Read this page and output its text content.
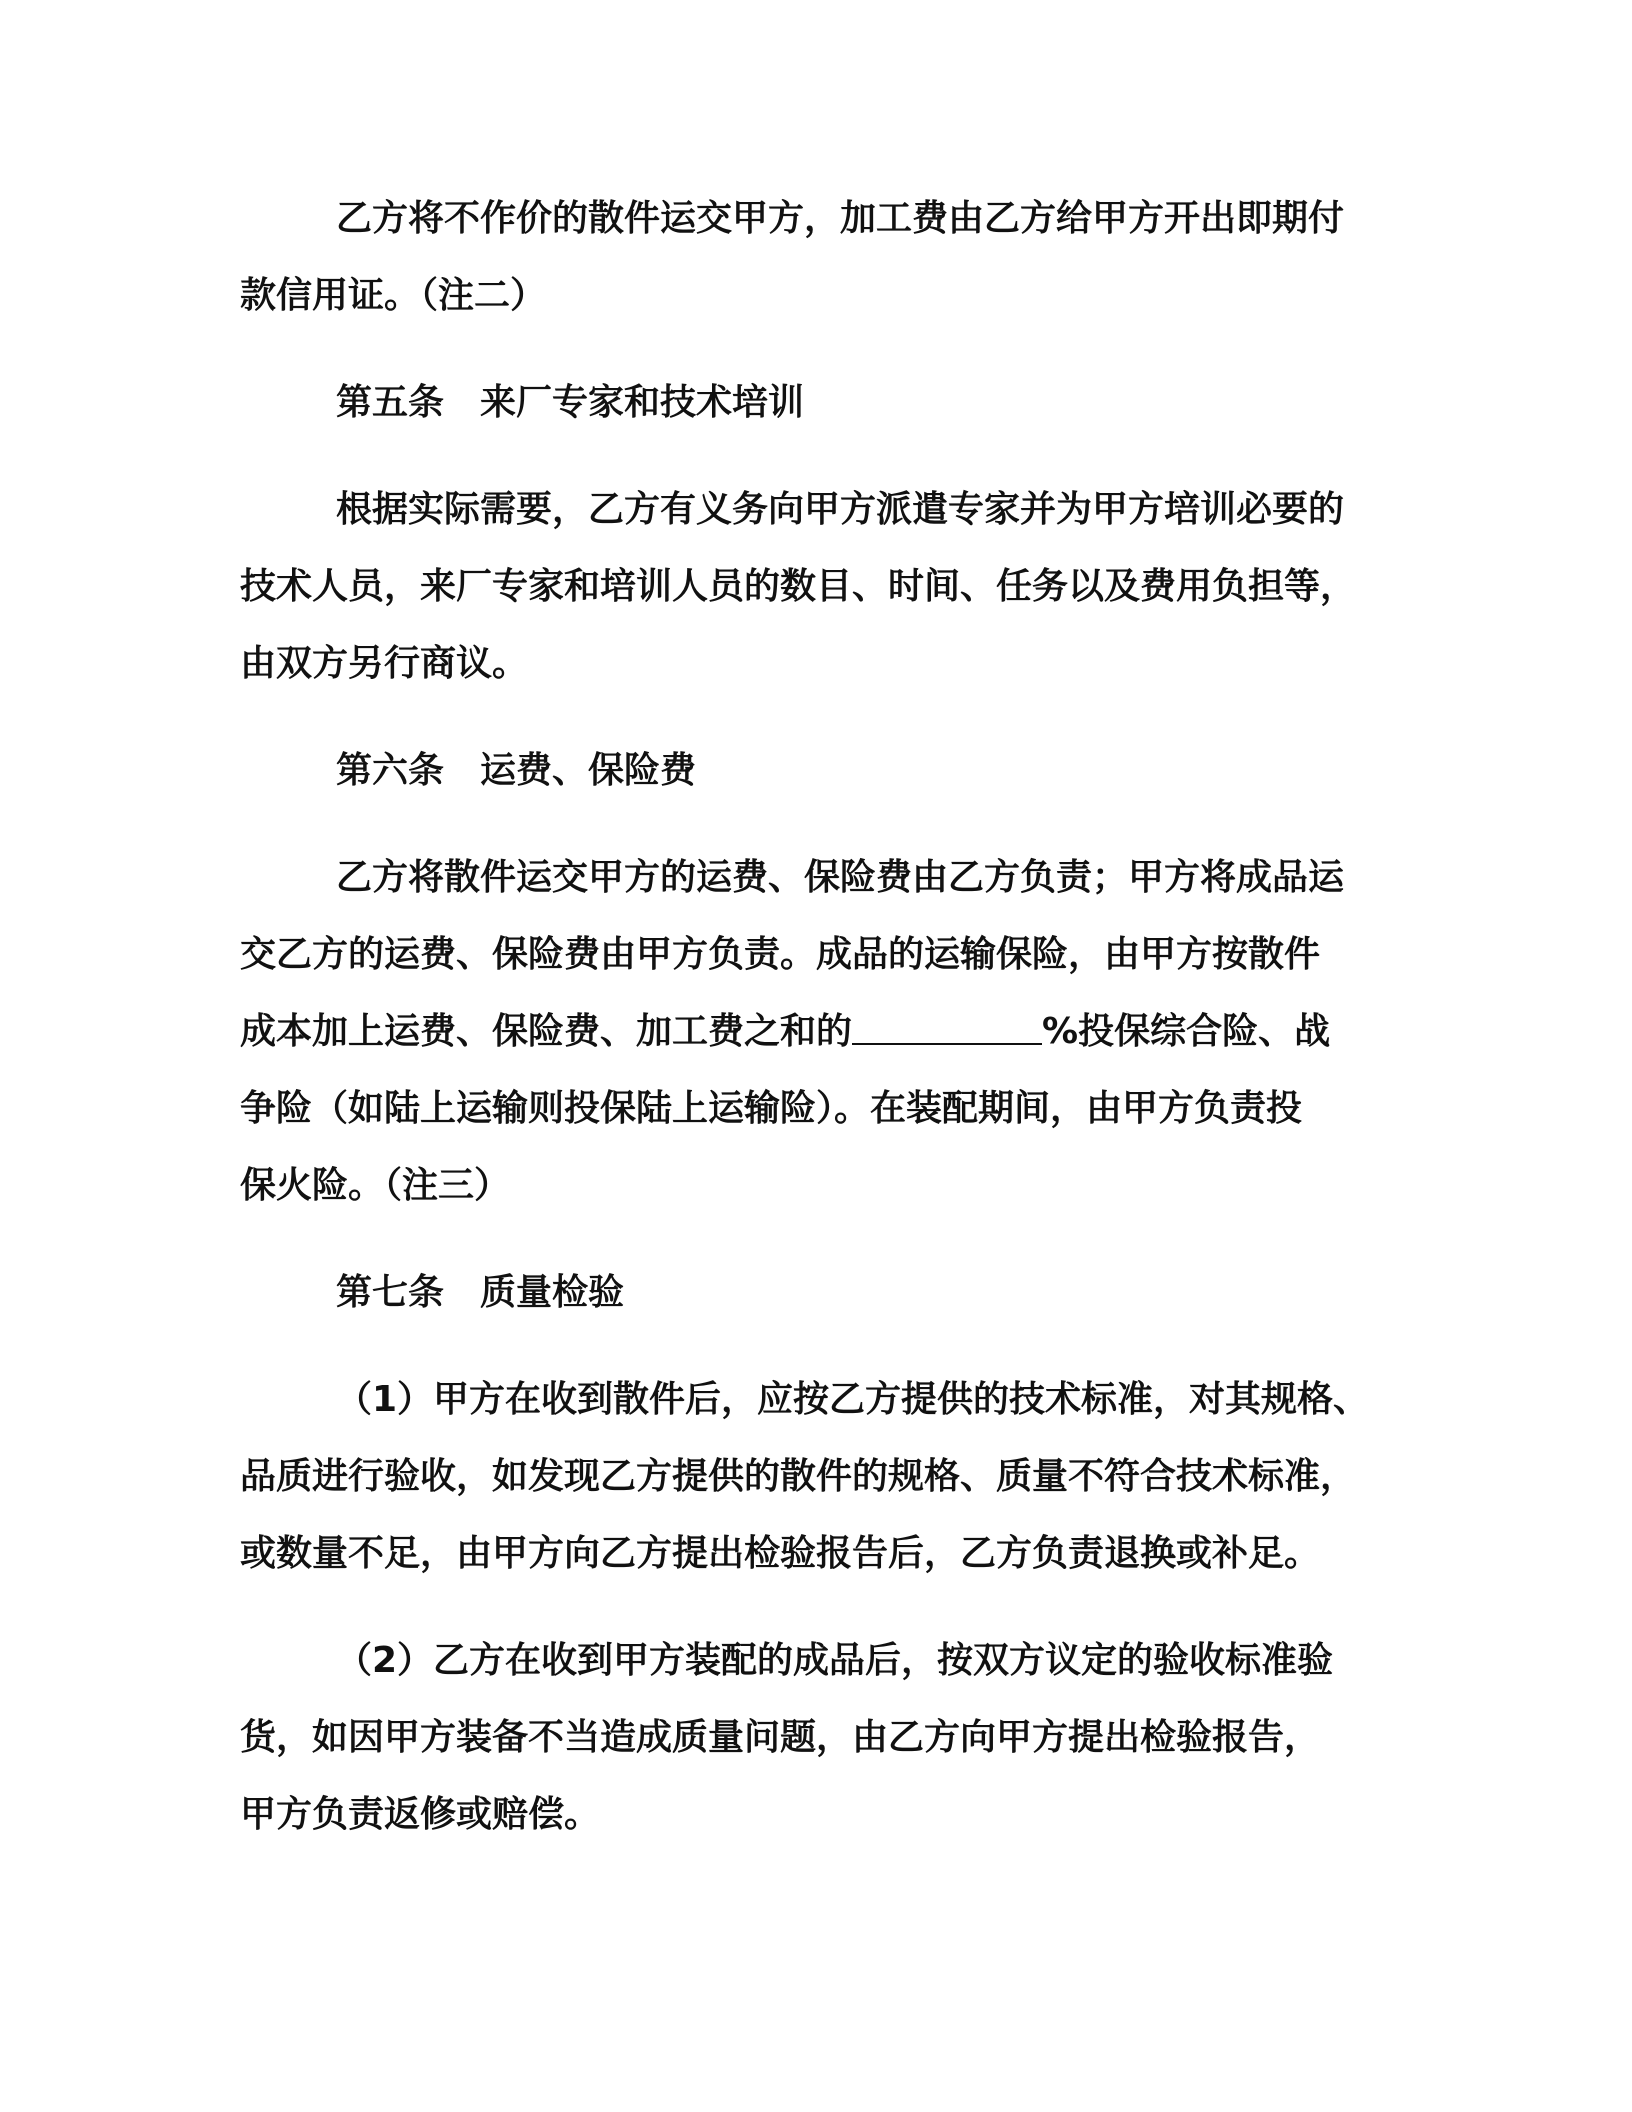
乙方将不作价的散件运交甲方，加工费由乙方给甲方开出即期付
款信用证。（注二）
第五条　来厂专家和技术培训
根据实际需要，乙方有义务向甲方派遣专家并为甲方培训必要的
技术人员，来厂专家和培训人员的数目、时间、任务以及费用负担等，
由双方另行商议。
第六条　运费、保险费
乙方将散件运交甲方的运费、保险费由乙方负责；甲方将成品运
交乙方的运费、保险费由甲方负责。成品的运输保险，由甲方按散件
成本加上运费、保险费、加工费之和的	%投保综合险、战
争险（如陆上运输则投保陆上运输险）。在装配期间，由甲方负责投
保火险。（注三）
第七条　质量检验
（1）甲方在收到散件后，应按乙方提供的技术标准，对其规格、
品质进行验收，如发现乙方提供的散件的规格、质量不符合技术标准，
或数量不足，由甲方向乙方提出检验报告后，乙方负责退换或补足。
（2）乙方在收到甲方装配的成品后，按双方议定的验收标准验
货，如因甲方装备不当造成质量问题，由乙方向甲方提出检验报告，
甲方负责返修或赔偿。
